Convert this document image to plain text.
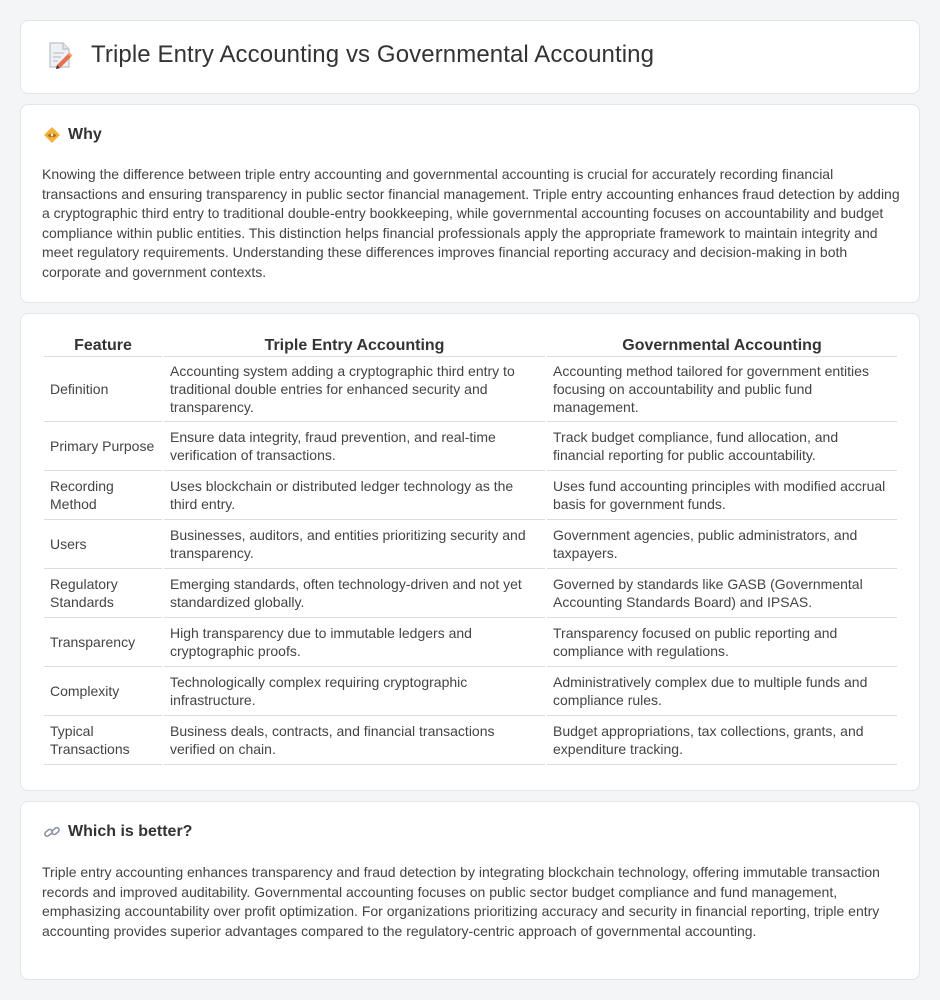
Triple Entry Accounting vs Governmental Accounting
Why

Knowing the difference between triple entry accounting and governmental accounting is crucial for accurately recording financial transactions and ensuring transparency in public sector financial management. Triple entry accounting enhances fraud detection by adding a cryptographic third entry to traditional double-entry bookkeeping, while governmental accounting focuses on accountability and budget compliance within public entities. This distinction helps financial professionals apply the appropriate framework to maintain integrity and meet regulatory requirements. Understanding these differences improves financial reporting accuracy and decision-making in both corporate and government contexts.

Feature	Triple Entry Accounting	Governmental Accounting
Definition	Accounting system adding a cryptographic third entry to traditional double entries for enhanced security and transparency.	Accounting method tailored for government entities focusing on accountability and public fund management.
Primary Purpose	Ensure data integrity, fraud prevention, and real-time verification of transactions.	Track budget compliance, fund allocation, and financial reporting for public accountability.
Recording Method	Uses blockchain or distributed ledger technology as the third entry.	Uses fund accounting principles with modified accrual basis for government funds.
Users	Businesses, auditors, and entities prioritizing security and transparency.	Government agencies, public administrators, and taxpayers.
Regulatory Standards	Emerging standards, often technology-driven and not yet standardized globally.	Governed by standards like GASB (Governmental Accounting Standards Board) and IPSAS.
Transparency	High transparency due to immutable ledgers and cryptographic proofs.	Transparency focused on public reporting and compliance with regulations.
Complexity	Technologically complex requiring cryptographic infrastructure.	Administratively complex due to multiple funds and compliance rules.
Typical Transactions	Business deals, contracts, and financial transactions verified on chain.	Budget appropriations, tax collections, grants, and expenditure tracking.
Which is better?

Triple entry accounting enhances transparency and fraud detection by integrating blockchain technology, offering immutable transaction records and improved auditability. Governmental accounting focuses on public sector budget compliance and fund management, emphasizing accountability over profit optimization. For organizations prioritizing accuracy and security in financial reporting, triple entry accounting provides superior advantages compared to the regulatory-centric approach of governmental accounting.
